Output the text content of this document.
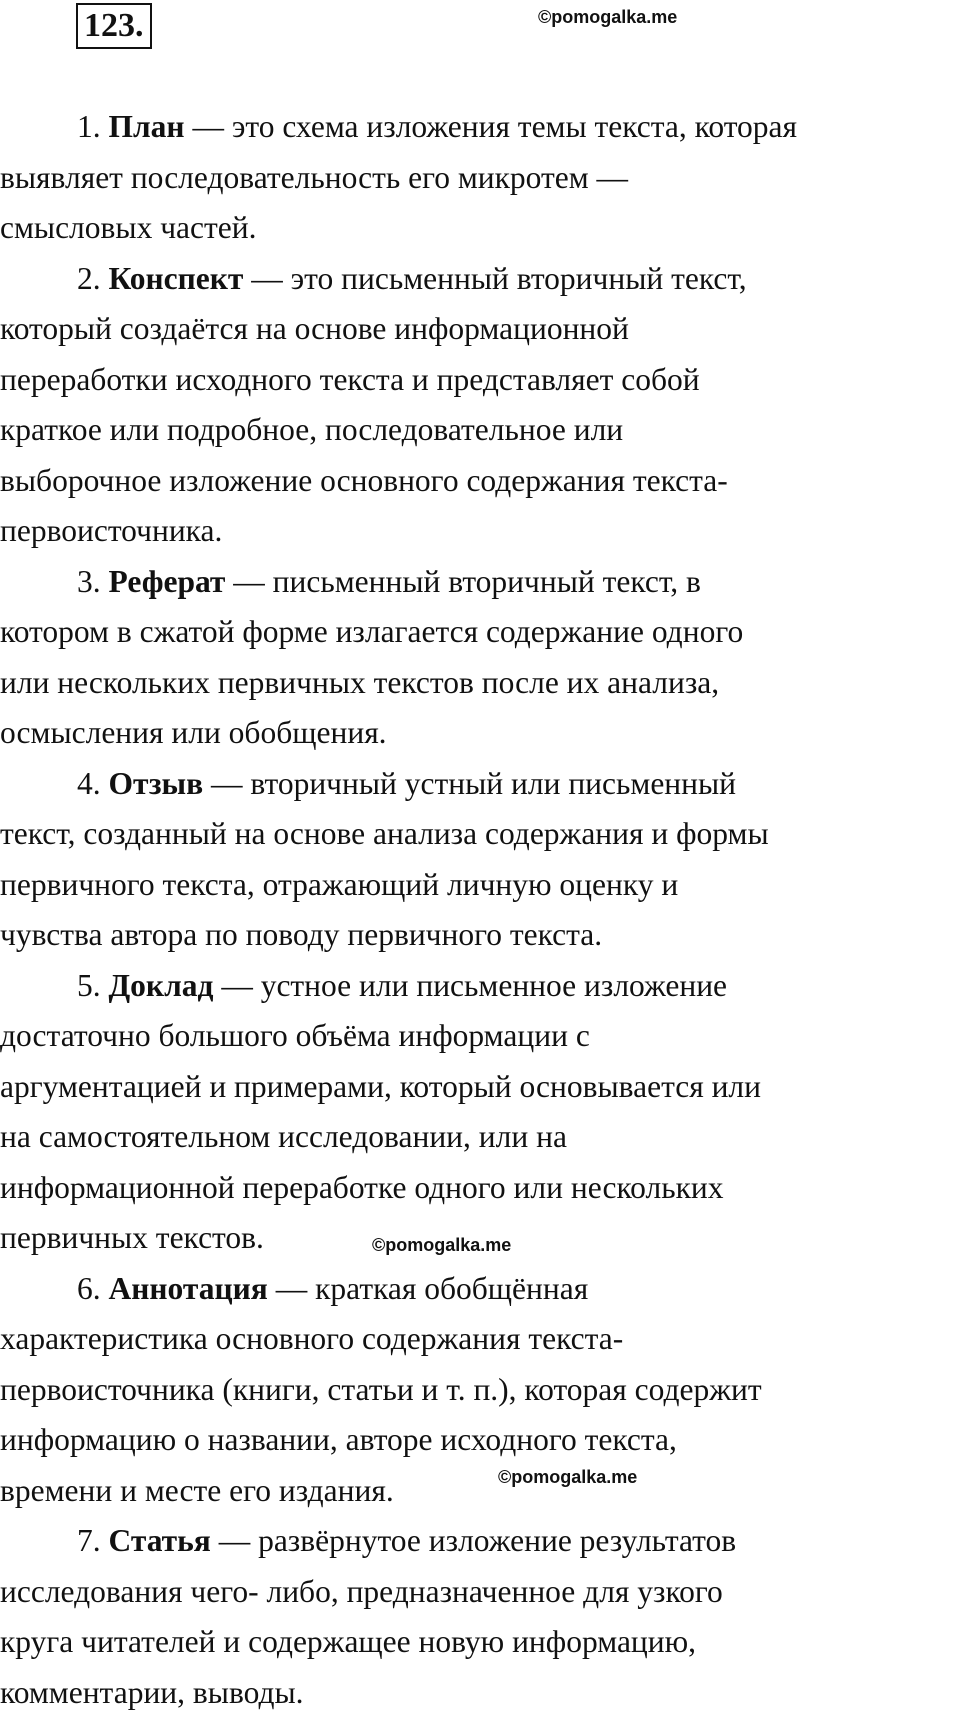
123.	©pomogalka.me

1. План — это схема изложения темы текста, которая
выявляет последовательность его микротем —
смысловых частей.

2. Конспект — это письменный вторичный текст,
который создаётся на основе информационной
переработки исходного текста и представляет собой
краткое или подробное, последовательное или
выборочное изложение основного содержания текста-
первоисточника.

3. Реферат — письменный вторичный текст, в
котором в сжатой форме излагается содержание одного
или нескольких первичных текстов после их анализа,
осмысления или обобщения.

4. Отзыв — вторичный устный или письменный
текст, созданный на основе анализа содержания и формы
первичного текста, отражающий личную оценку и
чувства автора по поводу первичного текста.

5. Доклад — устное или письменное изложение
достаточно большого объёма информации с
аргументацией и примерами, который основывается или
на самостоятельном исследовании, или на
информационной переработке одного или нескольких
первичных текстов.

6. Аннотация — краткая обобщённая
характеристика основного содержания текста-
первоисточника (книги, статьи и т. п.), которая содержит
информацию о названии, авторе исходного текста,
времени и месте его издания.

7. Статья — развёрнутое изложение результатов
исследования чего- либо, предназначенное для узкого
круга читателей и содержащее новую информацию,
комментарии, выводы.

©pomogalka.me
©pomogalka.me
